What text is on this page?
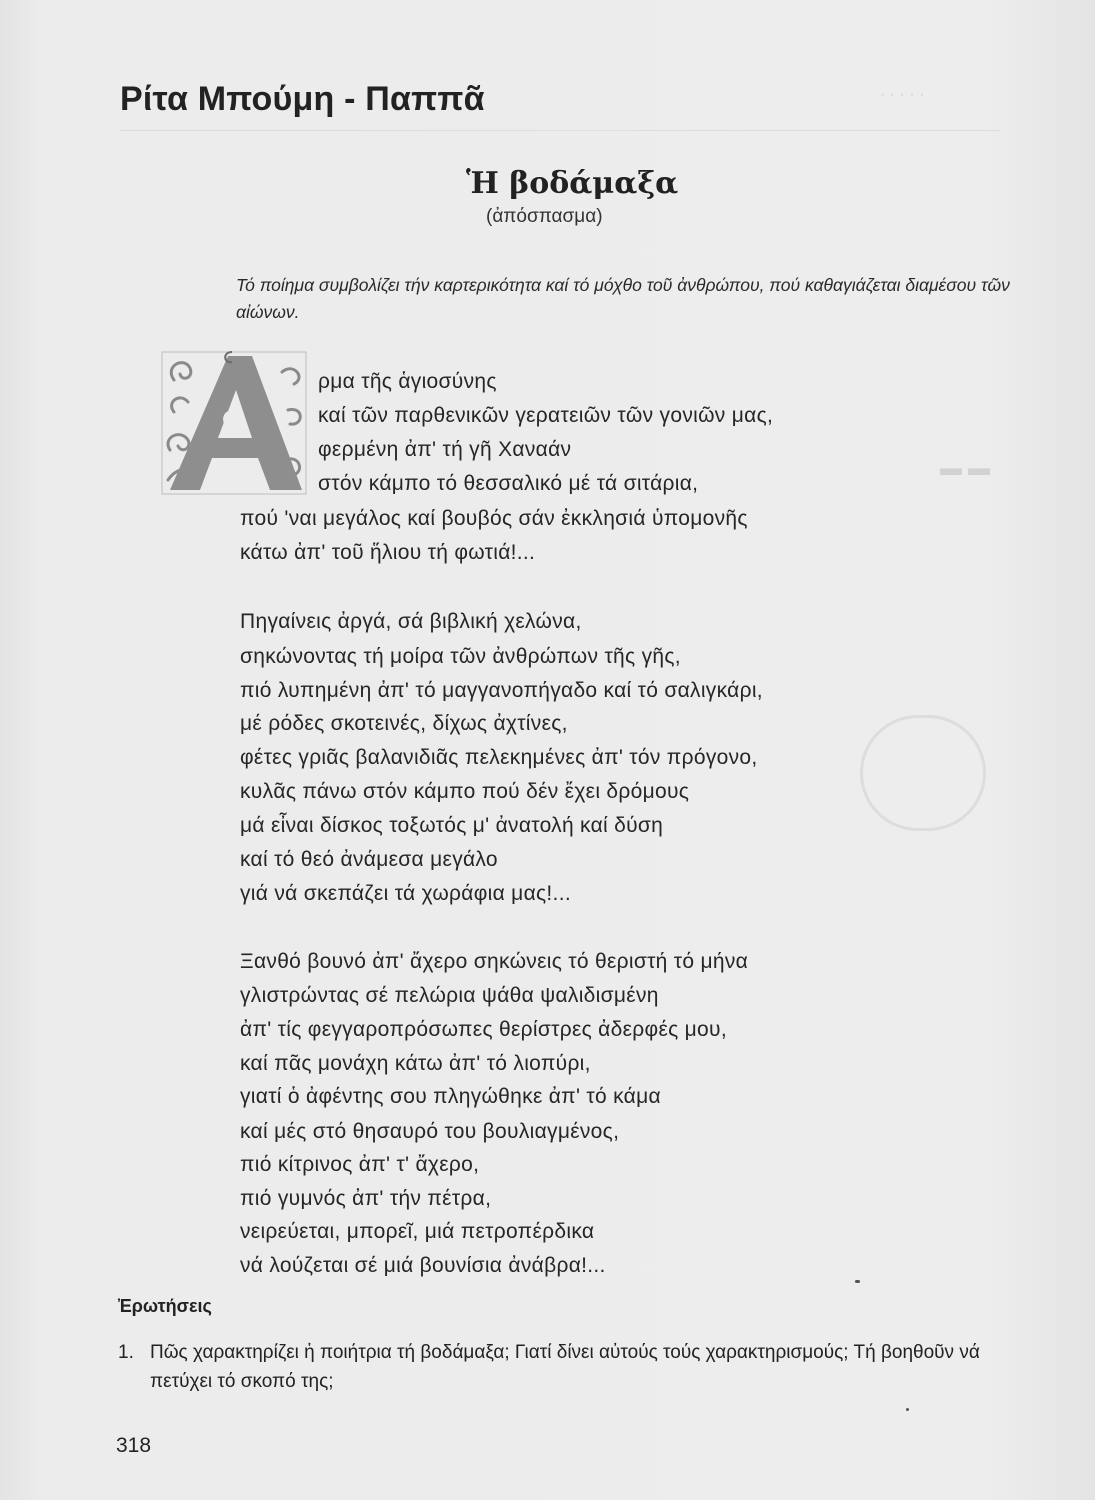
· · · · ·
▬ ▬
Ρίτα Μπούμη - Παππᾶ
Ἡ βοδάμαξα
(ἀπόσπασμα)
Τό ποίημα συμβολίζει τήν καρτερικότητα καί τό μόχθο τοῦ ἀνθρώπου, πού καθαγιάζεται διαμέσου τῶν αἰώνων.

ρμα τῆς ἁγιοσύνης

καί τῶν παρθενικῶν γερατειῶν τῶν γονιῶν μας,

φερμένη ἀπ' τή γῆ Χαναάν

στόν κάμπο τό θεσσαλικό μέ τά σιτάρια,

πού 'ναι μεγάλος καί βουβός σάν ἐκκλησιά ὑπομονῆς

κάτω ἀπ' τοῦ ἥλιου τή φωτιά!...

Πηγαίνεις ἀργά, σά βιβλική χελώνα,

σηκώνοντας τή μοίρα τῶν ἀνθρώπων τῆς γῆς,

πιό λυπημένη ἀπ' τό μαγγανοπήγαδο καί τό σαλιγκάρι,

μέ ρόδες σκοτεινές, δίχως ἀχτίνες,

φέτες γριᾶς βαλανιδιᾶς πελεκημένες ἀπ' τόν πρόγονο,

κυλᾶς πάνω στόν κάμπο πού δέν ἔχει δρόμους

μά εἶναι δίσκος τοξωτός μ' ἀνατολή καί δύση

καί τό θεό ἀνάμεσα μεγάλο

γιά νά σκεπάζει τά χωράφια μας!...

Ξανθό βουνό ἀπ' ἄχερο σηκώνεις τό θεριστή τό μήνα

γλιστρώντας σέ πελώρια ψάθα ψαλιδισμένη

ἀπ' τίς φεγγαροπρόσωπες θερίστρες ἀδερφές μου,

καί πᾶς μονάχη κάτω ἀπ' τό λιοπύρι,

γιατί ὁ ἀφέντης σου πληγώθηκε ἀπ' τό κάμα

καί μές στό θησαυρό του βουλιαγμένος,

πιό κίτρινος ἀπ' τ' ἄχερο,

πιό γυμνός ἀπ' τήν πέτρα,

νειρεύεται, μπορεῖ, μιά πετροπέρδικα

νά λούζεται σέ μιά βουνίσια ἀνάβρα!...

Ἐρωτήσεις
1. Πῶς χαρακτηρίζει ἡ ποιήτρια τή βοδάμαξα; Γιατί δίνει αὐτούς τούς χαρακτηρισμούς; Τή βοηθοῦν νά πετύχει τό σκοπό της;
318
